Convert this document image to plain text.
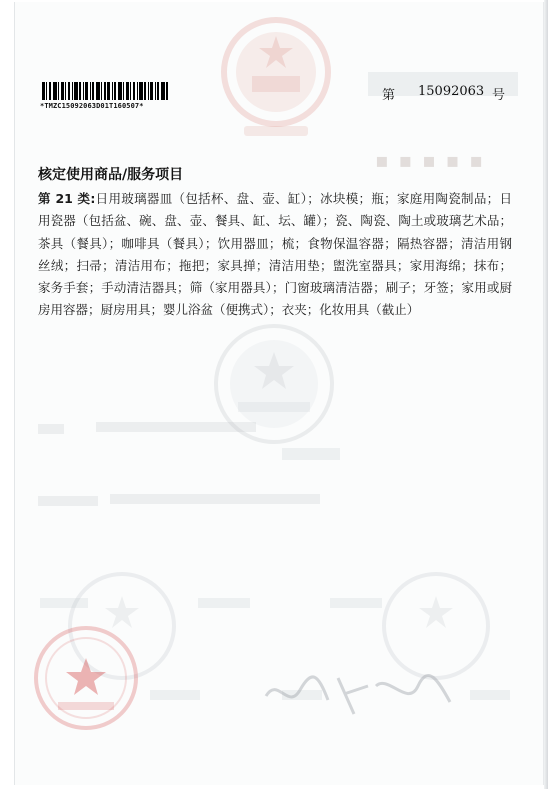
*TMZC15092063D01T160507*
第 15092063 号
▪▪▪▪▪
核定使用商品/服务项目
第 21 类:日用玻璃器皿（包括杯、盘、壶、缸）；冰块模；瓶；家庭用陶瓷制品；日用瓷器（包括盆、碗、盘、壶、餐具、缸、坛、罐）；瓷、陶瓷、陶土或玻璃艺术品；茶具（餐具）；咖啡具（餐具）；饮用器皿；梳；食物保温容器；隔热容器；清洁用钢丝绒；扫帚；清洁用布；拖把；家具掸；清洁用垫；盥洗室器具；家用海绵；抹布；家务手套；手动清洁器具；筛（家用器具）；门窗玻璃清洁器；刷子；牙签；家用或厨房用容器；厨房用具；婴儿浴盆（便携式）；衣夹；化妆用具（截止）
